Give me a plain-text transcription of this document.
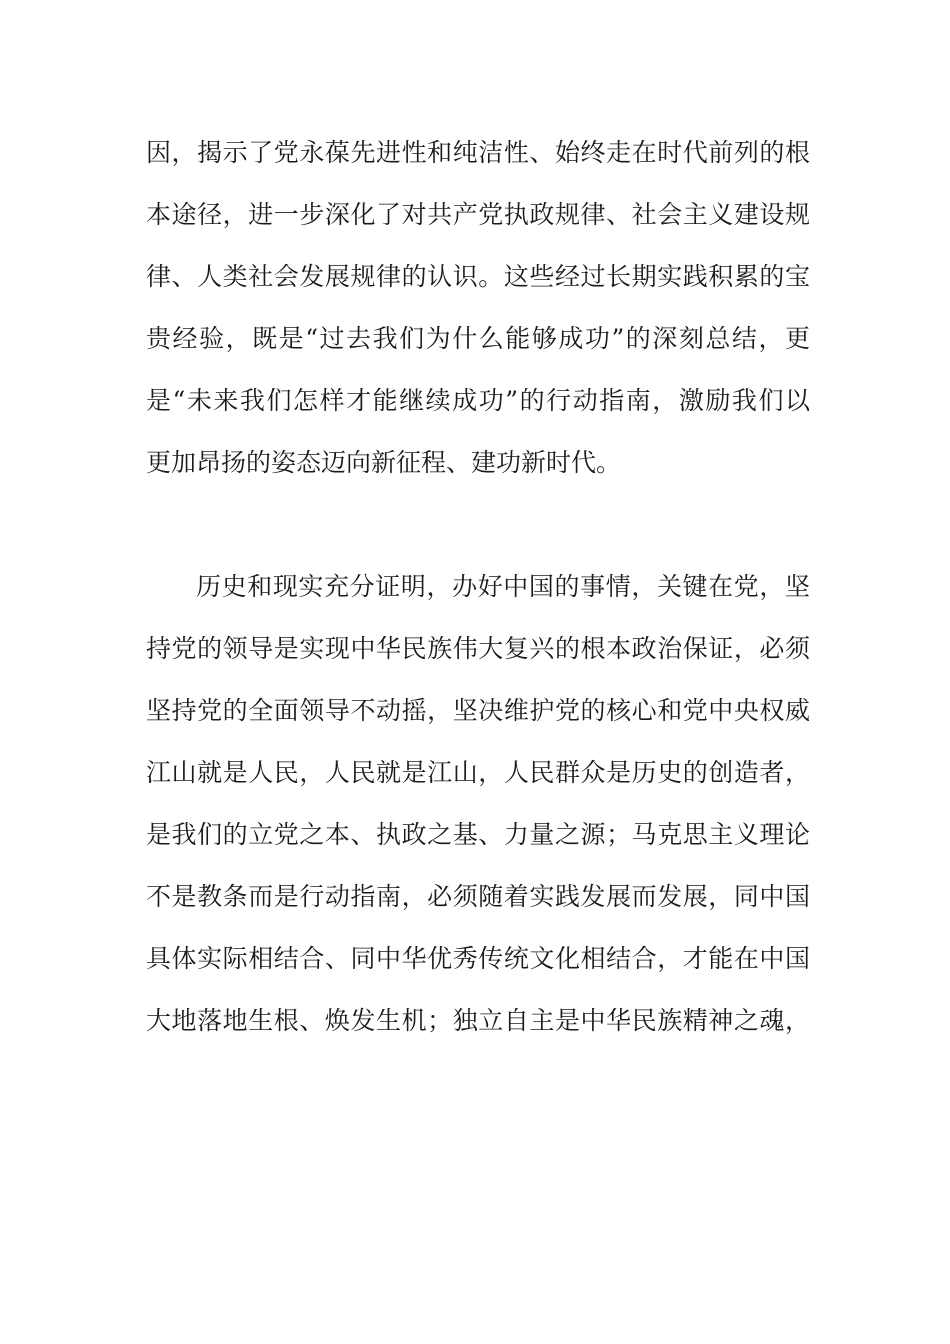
因，揭示了党永葆先进性和纯洁性、始终走在时代前列的根
本途径，进一步深化了对共产党执政规律、社会主义建设规
律、人类社会发展规律的认识。这些经过长期实践积累的宝
贵经验，既是“过去我们为什么能够成功”的深刻总结，更
是“未来我们怎样才能继续成功”的行动指南，激励我们以
更加昂扬的姿态迈向新征程、建功新时代。
历史和现实充分证明，办好中国的事情，关键在党，坚
持党的领导是实现中华民族伟大复兴的根本政治保证，必须
坚持党的全面领导不动摇，坚决维护党的核心和党中央权威
江山就是人民，人民就是江山，人民群众是历史的创造者，
是我们的立党之本、执政之基、力量之源；马克思主义理论
不是教条而是行动指南，必须随着实践发展而发展，同中国
具体实际相结合、同中华优秀传统文化相结合，才能在中国
大地落地生根、焕发生机；独立自主是中华民族精神之魂，
